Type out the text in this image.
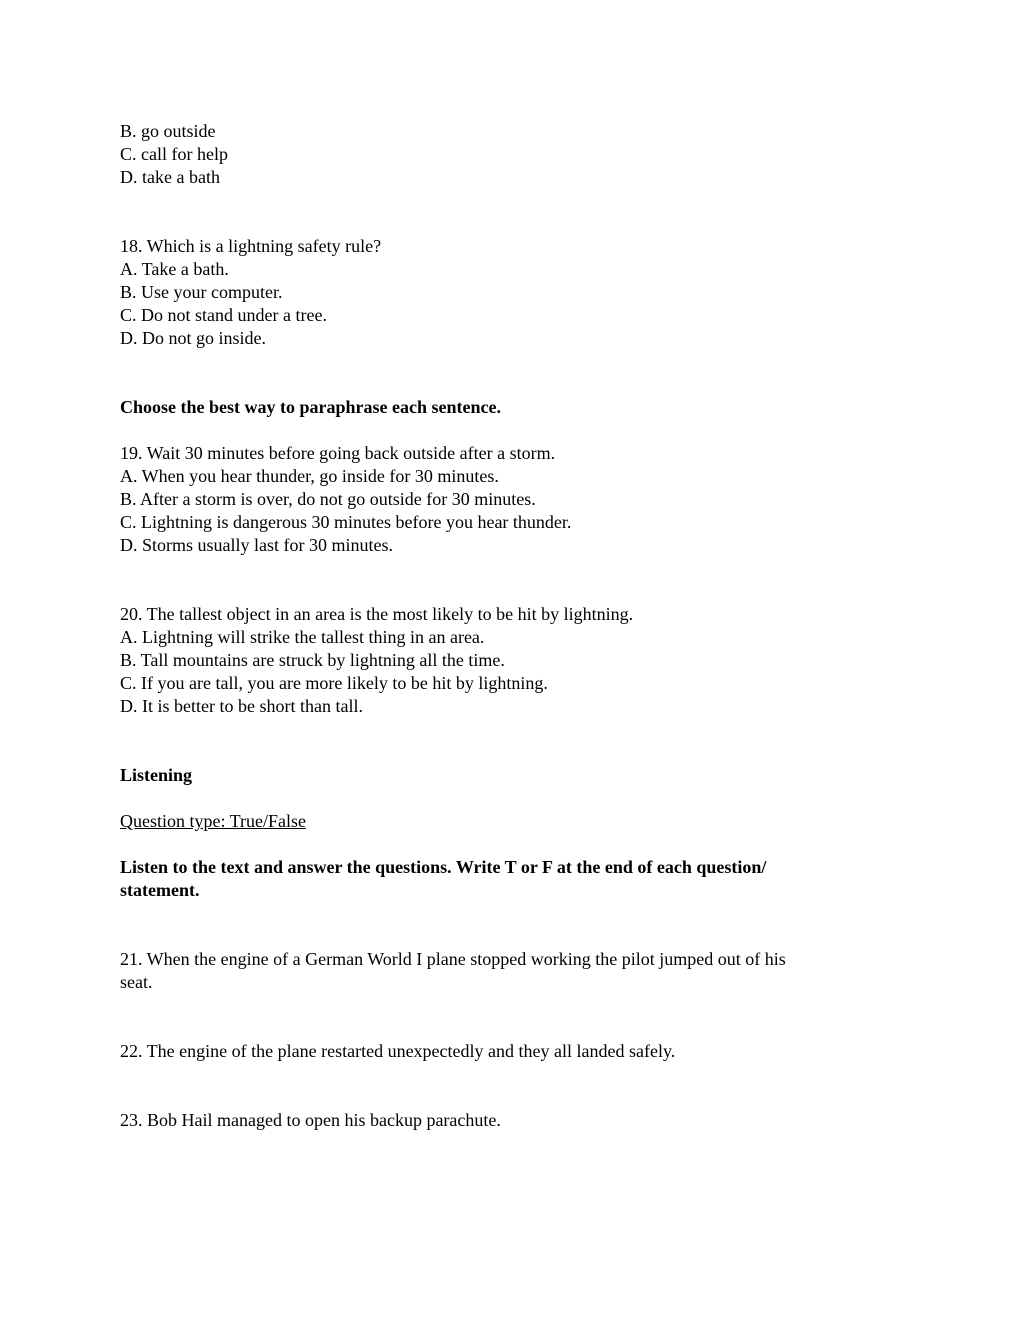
B. go outside
C. call for help
D. take a bath
18. Which is a lightning safety rule?
A. Take a bath.
B. Use your computer.
C. Do not stand under a tree.
D. Do not go inside.
Choose the best way to paraphrase each sentence.
19. Wait 30 minutes before going back outside after a storm.
A. When you hear thunder, go inside for 30 minutes.
B. After a storm is over, do not go outside for 30 minutes.
C. Lightning is dangerous 30 minutes before you hear thunder.
D. Storms usually last for 30 minutes.
20. The tallest object in an area is the most likely to be hit by lightning.
A. Lightning will strike the tallest thing in an area.
B. Tall mountains are struck by lightning all the time.
C. If you are tall, you are more likely to be hit by lightning.
D. It is better to be short than tall.
Listening
Question type: True/False
Listen to the text and answer the questions. Write T or F at the end of each question/
statement.
21. When the engine of a German World I plane stopped working the pilot jumped out of his
seat.
22. The engine of the plane restarted unexpectedly and they all landed safely.
23. Bob Hail managed to open his backup parachute.
